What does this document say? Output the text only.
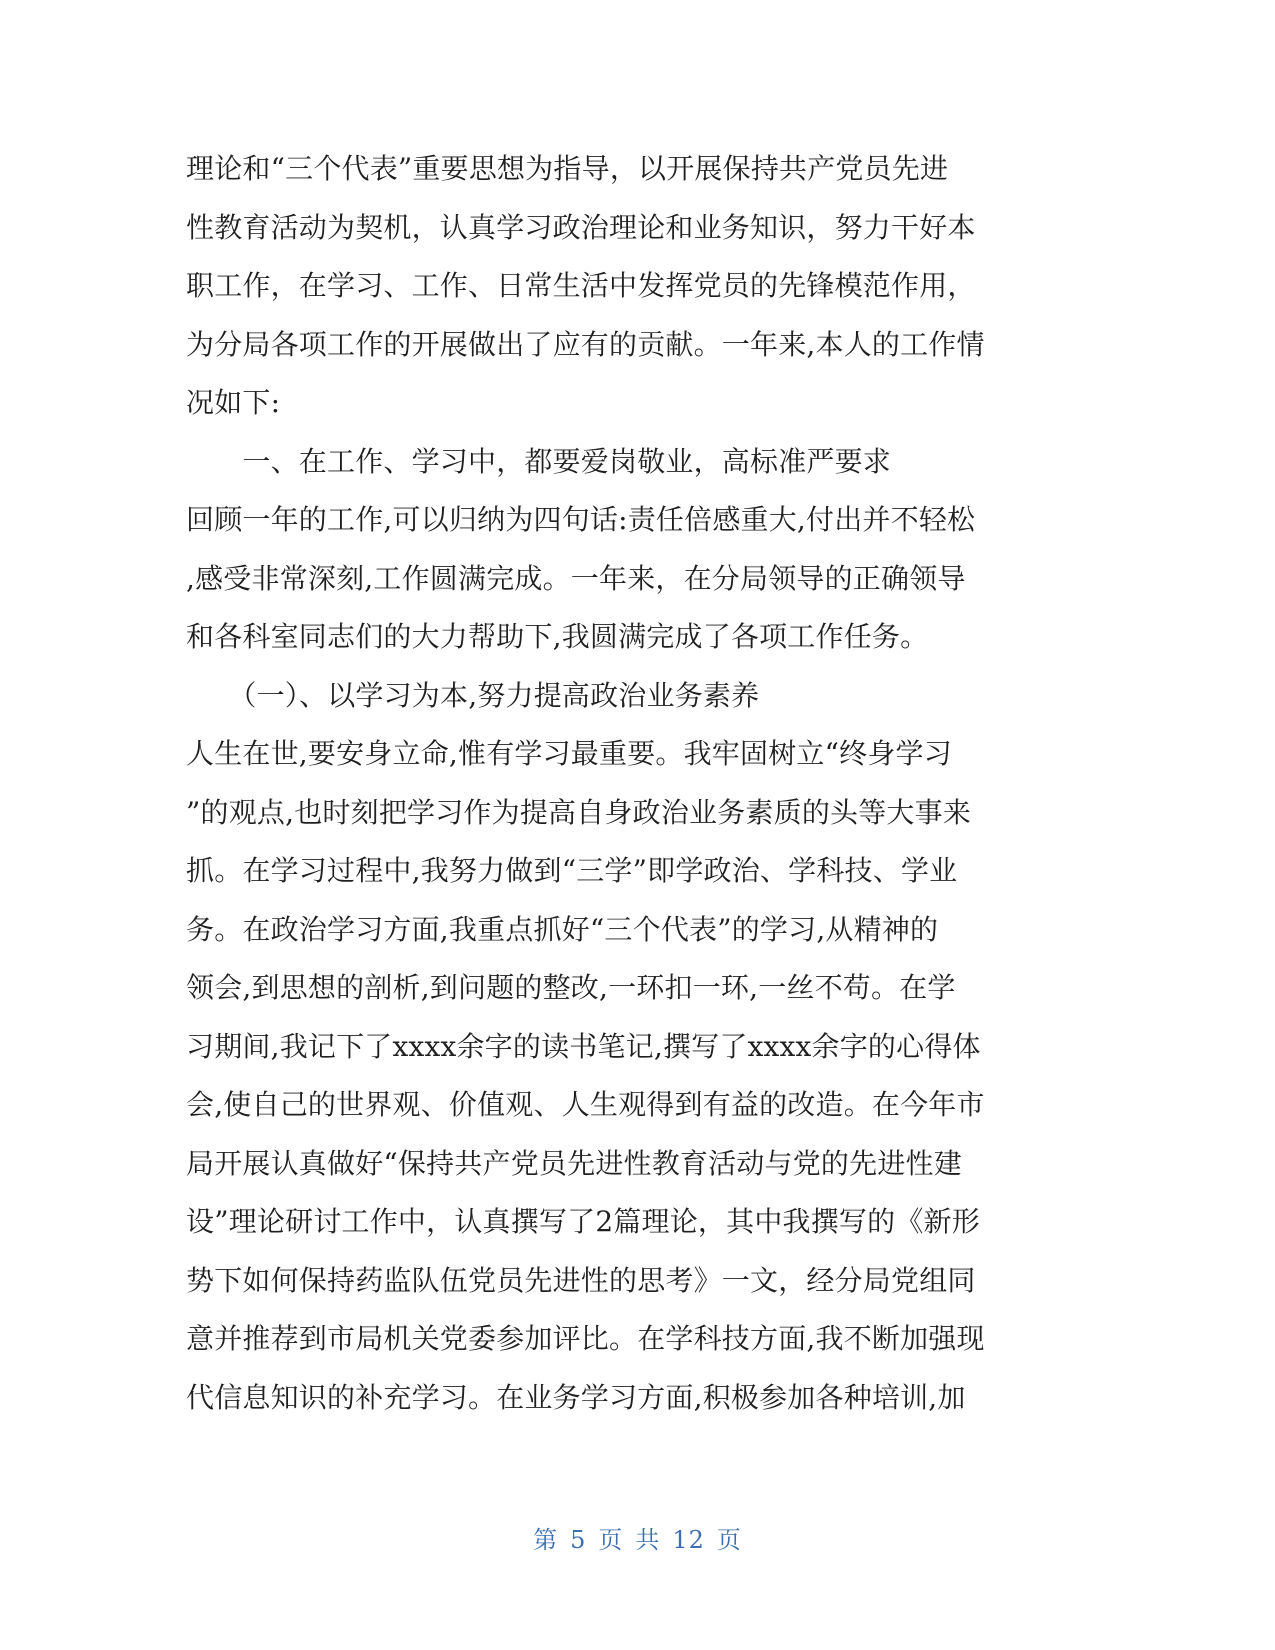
理论和“三个代表”重要思想为指导，以开展保持共产党员先进
性教育活动为契机，认真学习政治理论和业务知识，努力干好本
职工作，在学习、工作、日常生活中发挥党员的先锋模范作用，
为分局各项工作的开展做出了应有的贡献。一年来,本人的工作情
况如下:
　　一、在工作、学习中，都要爱岗敬业，高标准严要求
回顾一年的工作,可以归纳为四句话:责任倍感重大,付出并不轻松
,感受非常深刻,工作圆满完成。一年来，在分局领导的正确领导
和各科室同志们的大力帮助下,我圆满完成了各项工作任务。
　　（一）、以学习为本,努力提高政治业务素养
人生在世,要安身立命,惟有学习最重要。我牢固树立“终身学习
”的观点,也时刻把学习作为提高自身政治业务素质的头等大事来
抓。在学习过程中,我努力做到“三学”即学政治、学科技、学业
务。在政治学习方面,我重点抓好“三个代表”的学习,从精神的
领会,到思想的剖析,到问题的整改,一环扣一环,一丝不苟。在学
习期间,我记下了xxxx余字的读书笔记,撰写了xxxx余字的心得体
会,使自己的世界观、价值观、人生观得到有益的改造。在今年市
局开展认真做好“保持共产党员先进性教育活动与党的先进性建
设”理论研讨工作中，认真撰写了2篇理论，其中我撰写的《新形
势下如何保持药监队伍党员先进性的思考》一文，经分局党组同
意并推荐到市局机关党委参加评比。在学科技方面,我不断加强现
代信息知识的补充学习。在业务学习方面,积极参加各种培训,加
第 5 页 共 12 页
